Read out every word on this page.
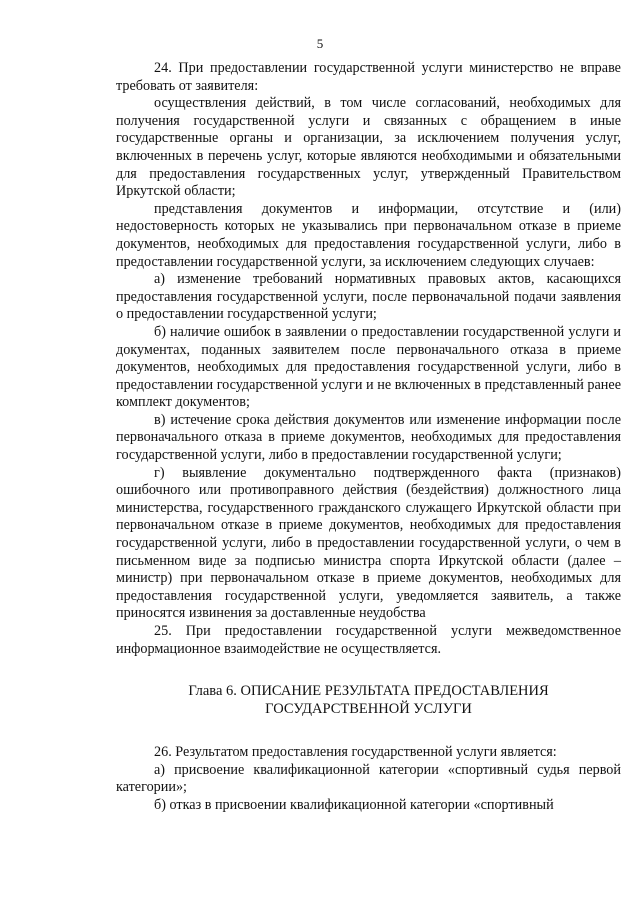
5

24. При предоставлении государственной услуги министерство не вправе требовать от заявителя:

осуществления действий, в том числе согласований, необходимых для получения государственной услуги и связанных с обращением в иные государственные органы и организации, за исключением получения услуг, включенных в перечень услуг, которые являются необходимыми и обязательными для предоставления государственных услуг, утвержденный Правительством Иркутской области;

представления документов и информации, отсутствие и (или) недостоверность которых не указывались при первоначальном отказе в приеме документов, необходимых для предоставления государственной услуги, либо в предоставлении государственной услуги, за исключением следующих случаев:

а) изменение требований нормативных правовых актов, касающихся предоставления государственной услуги, после первоначальной подачи заявления о предоставлении государственной услуги;

б) наличие ошибок в заявлении о предоставлении государственной услуги и документах, поданных заявителем после первоначального отказа в приеме документов, необходимых для предоставления государственной услуги, либо в предоставлении государственной услуги и не включенных в представленный ранее комплект документов;

в) истечение срока действия документов или изменение информации после первоначального отказа в приеме документов, необходимых для предоставления государственной услуги, либо в предоставлении государственной услуги;

г) выявление документально подтвержденного факта (признаков) ошибочного или противоправного действия (бездействия) должностного лица министерства, государственного гражданского служащего Иркутской области при первоначальном отказе в приеме документов, необходимых для предоставления государственной услуги, либо в предоставлении государственной услуги, о чем в письменном виде за подписью министра спорта Иркутской области (далее – министр) при первоначальном отказе в приеме документов, необходимых для предоставления государственной услуги, уведомляется заявитель, а также приносятся извинения за доставленные неудобства

25. При предоставлении государственной услуги межведомственное информационное взаимодействие не осуществляется.

Глава 6. ОПИСАНИЕ РЕЗУЛЬТАТА ПРЕДОСТАВЛЕНИЯ
ГОСУДАРСТВЕННОЙ УСЛУГИ

26. Результатом предоставления государственной услуги является:

а) присвоение квалификационной категории «спортивный судья первой категории»;

б) отказ в присвоении квалификационной категории «спортивный
